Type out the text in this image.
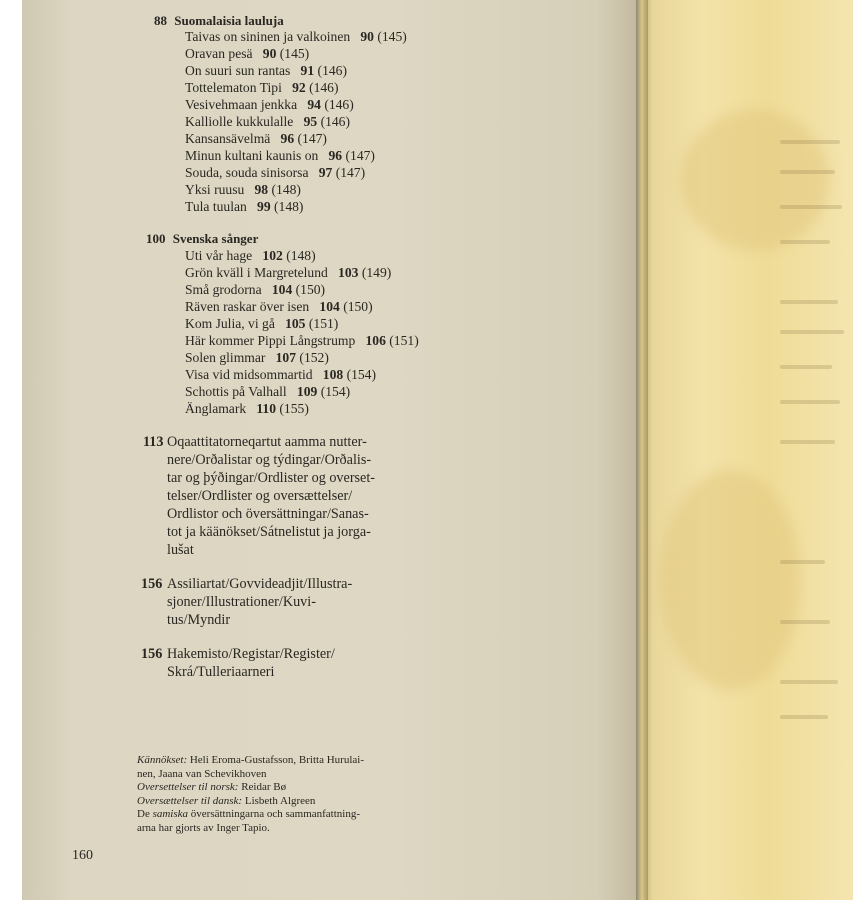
88 Suomalaisia lauluja
Taivas on sininen ja valkoinen 90 (145)
Oravan pesä 90 (145)
On suuri sun rantas 91 (146)
Tottelematon Tipi 92 (146)
Vesivehmaan jenkka 94 (146)
Kalliolle kukkulalle 95 (146)
Kansansävelmä 96 (147)
Minun kultani kaunis on 96 (147)
Souda, souda sinisorsa 97 (147)
Yksi ruusu 98 (148)
Tula tuulan 99 (148)
100 Svenska sånger
Uti vår hage 102 (148)
Grön kväll i Margretelund 103 (149)
Små grodorna 104 (150)
Räven raskar över isen 104 (150)
Kom Julia, vi gå 105 (151)
Här kommer Pippi Långstrump 106 (151)
Solen glimmar 107 (152)
Visa vid midsommartid 108 (154)
Schottis på Valhall 109 (154)
Änglamark 110 (155)
113 Oqaattitatorneqartut aamma nutter-
nere/Orðalistar og týdingar/Orðalis-
tar og þýðingar/Ordlister og overset-
telser/Ordlister og oversættelser/
Ordlistor och översättningar/Sanas-
tot ja käänökset/Sátnelistut ja jorga-
lušat
156 Assiliartat/Govvideadjit/Illustra-
sjoner/Illustrationer/Kuvi-
tus/Myndir
156 Hakemisto/Registar/Register/
Skrá/Tulleriaarneri
Kännökset: Heli Eroma-Gustafsson, Britta Hurulai-
nen, Jaana van Schevikhoven
Oversettelser til norsk: Reidar Bø
Oversættelser til dansk: Lisbeth Algreen
De samiska översättningarna och sammanfattning-
arna har gjorts av Inger Tapio.
160
